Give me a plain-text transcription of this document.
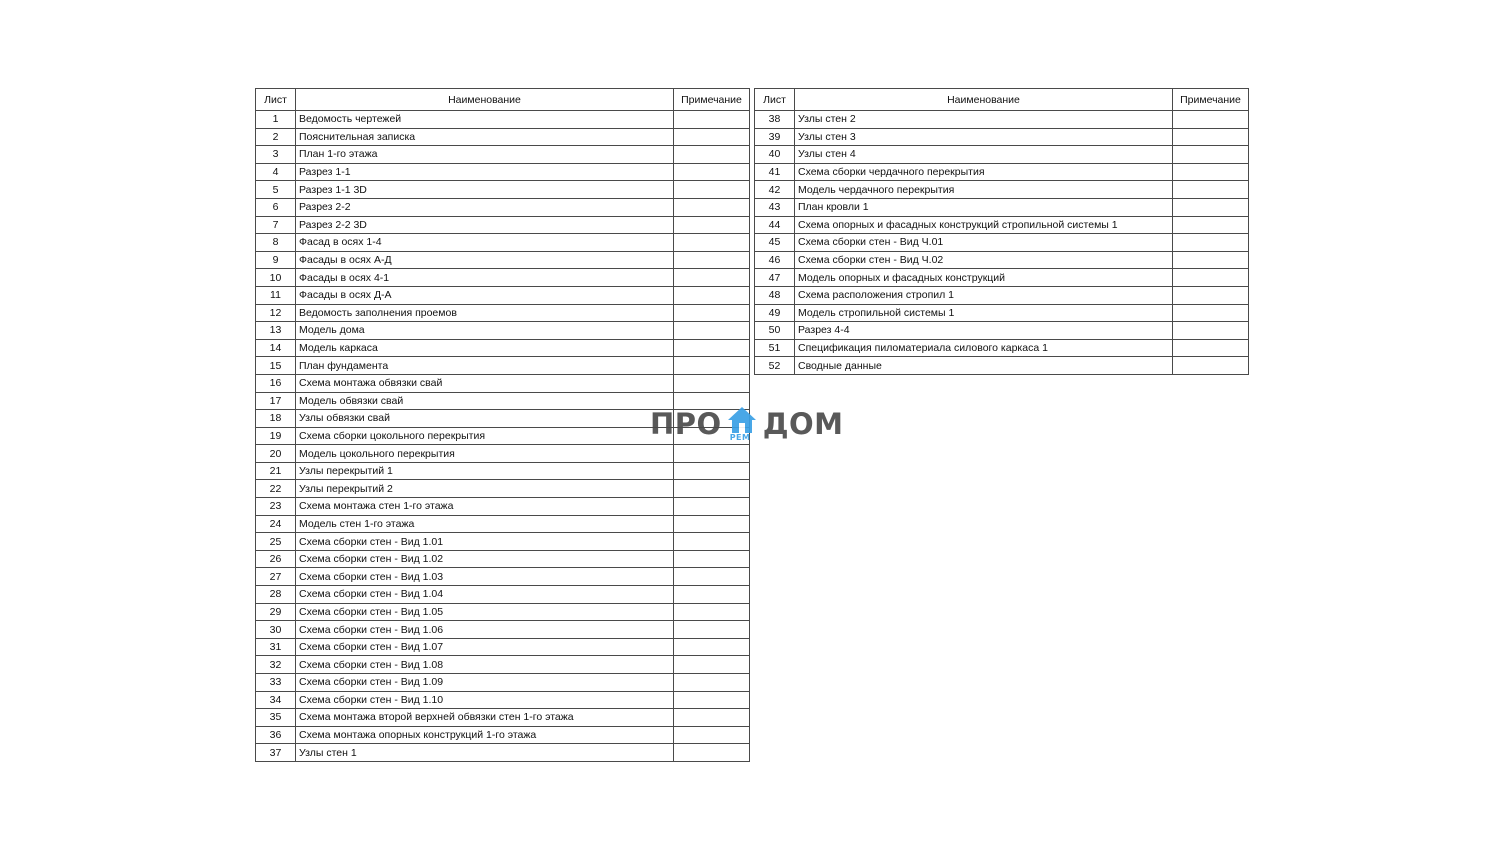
Лист	Наименование	Примечание
1	Ведомость чертежей	
2	Пояснительная записка	
3	План 1-го этажа	
4	Разрез 1-1	
5	Разрез 1-1 3D	
6	Разрез 2-2	
7	Разрез 2-2 3D	
8	Фасад в осях 1-4	
9	Фасады в осях А-Д	
10	Фасады в осях 4-1	
11	Фасады в осях Д-А	
12	Ведомость заполнения проемов	
13	Модель дома	
14	Модель каркаса	
15	План фундамента	
16	Схема монтажа обвязки свай	
17	Модель обвязки свай	
18	Узлы обвязки свай	
19	Схема сборки цокольного перекрытия	
20	Модель цокольного перекрытия	
21	Узлы перекрытий 1	
22	Узлы перекрытий 2	
23	Схема монтажа стен 1-го этажа	
24	Модель стен 1-го этажа	
25	Схема сборки стен - Вид 1.01	
26	Схема сборки стен - Вид 1.02	
27	Схема сборки стен - Вид 1.03	
28	Схема сборки стен - Вид 1.04	
29	Схема сборки стен - Вид 1.05	
30	Схема сборки стен - Вид 1.06	
31	Схема сборки стен - Вид 1.07	
32	Схема сборки стен - Вид 1.08	
33	Схема сборки стен - Вид 1.09	
34	Схема сборки стен - Вид 1.10	
35	Схема монтажа второй верхней обвязки стен 1-го этажа	
36	Схема монтажа опорных конструкций 1-го этажа	
37	Узлы стен 1	
Лист	Наименование	Примечание
38	Узлы стен 2	
39	Узлы стен 3	
40	Узлы стен 4	
41	Схема сборки чердачного перекрытия	
42	Модель чердачного перекрытия	
43	План кровли 1	
44	Схема опорных и фасадных конструкций стропильной системы 1	
45	Схема сборки стен - Вид Ч.01	
46	Схема сборки стен - Вид Ч.02	
47	Модель опорных и фасадных конструкций	
48	Схема расположения стропил 1	
49	Модель стропильной системы 1	
50	Разрез 4-4	
51	Спецификация пиломатериала силового каркаса 1	
52	Сводные данные	
ПРО РЕМ ДОМ
